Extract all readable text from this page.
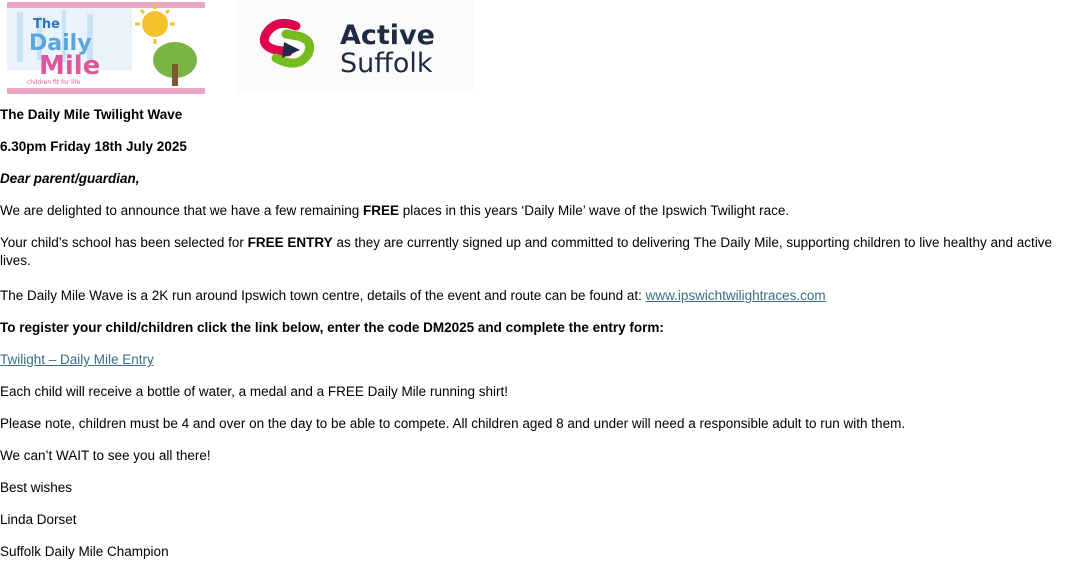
The
Daily
Mile
children fit for life
Active
Suffolk

The Daily Mile Twilight Wave

6.30pm Friday 18th July 2025

Dear parent/guardian,

We are delighted to announce that we have a few remaining FREE places in this years ‘Daily Mile’ wave of the Ipswich Twilight race.

Your child’s school has been selected for FREE ENTRY as they are currently signed up and committed to delivering The Daily Mile, supporting children to live healthy and active lives.

The Daily Mile Wave is a 2K run around Ipswich town centre, details of the event and route can be found at: www.ipswichtwilightraces.com

To register your child/children click the link below, enter the code DM2025 and complete the entry form:

Twilight – Daily Mile Entry

Each child will receive a bottle of water, a medal and a FREE Daily Mile running shirt!

Please note, children must be 4 and over on the day to be able to compete. All children aged 8 and under will need a responsible adult to run with them.

We can’t WAIT to see you all there!

Best wishes

Linda Dorset

Suffolk Daily Mile Champion
